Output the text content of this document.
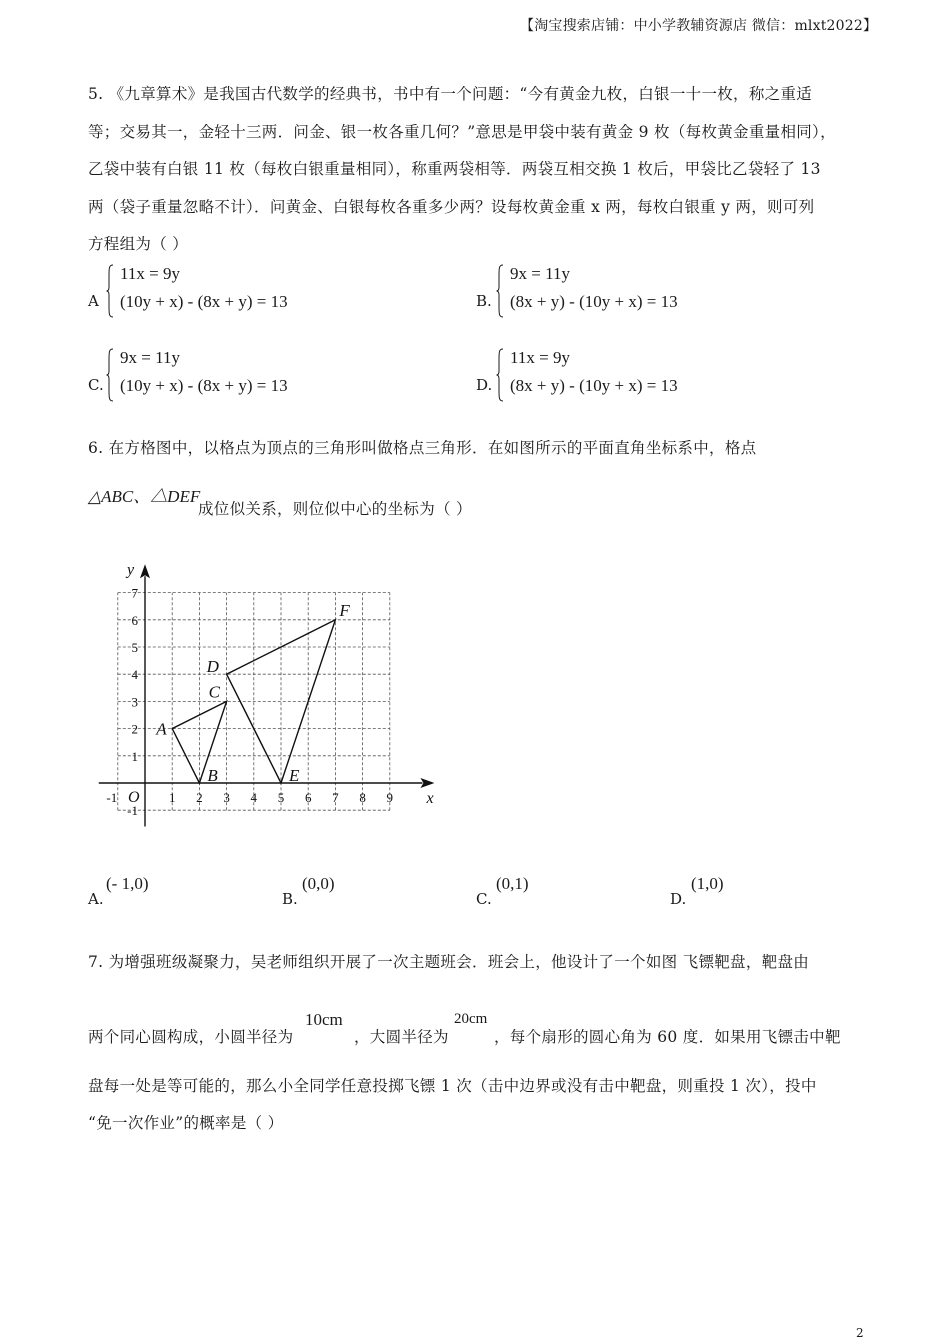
【淘宝搜索店铺：中小学教辅资源店 微信：mlxt2022】
5. 《九章算术》是我国古代数学的经典书，书中有一个问题：“今有黄金九枚，白银一十一枚，称之重适
等；交易其一，金轻十三两．问金、银一枚各重几何？”意思是甲袋中装有黄金 9 枚（每枚黄金重量相同），
乙袋中装有白银 11 枚（每枚白银重量相同），称重两袋相等．两袋互相交换 1 枚后，甲袋比乙袋轻了 13
两（袋子重量忽略不计）．问黄金、白银每枚各重多少两？设每枚黄金重 x 两，每枚白银重 y 两，则可列
方程组为（ ）
A
11x = 9y
(10y + x) - (8x + y) = 13	B.
9x = 11y
(8x + y) - (10y + x) = 13
C.
9x = 11y
(10y + x) - (8x + y) = 13	D.
11x = 9y
(8x + y) - (10y + x) = 13
6. 在方格图中，以格点为顶点的三角形叫做格点三角形．在如图所示的平面直角坐标系中，格点
△ABC、△DEF
成位似关系，则位似中心的坐标为（ ）
x
y
O
-1	1 2 3 4 5 6 7 8 9
-1
1
2
3
4
5
6
7
A
B
C
D
E
F
A.
(- 1,0)
B.
(0,0)
C.
(0,1)
D.
(1,0)
7. 为增强班级凝聚力，吴老师组织开展了一次主题班会．班会上，他设计了一个如图 飞镖靶盘，靶盘由
两个同心圆构成，小圆半径为
10cm
，大圆半径为
20cm
，每个扇形的圆心角为 60 度．如果用飞镖击中靶
盘每一处是等可能的，那么小全同学任意投掷飞镖 1 次（击中边界或没有击中靶盘，则重投 1 次），投中
“免一次作业”的概率是（ ）
2
